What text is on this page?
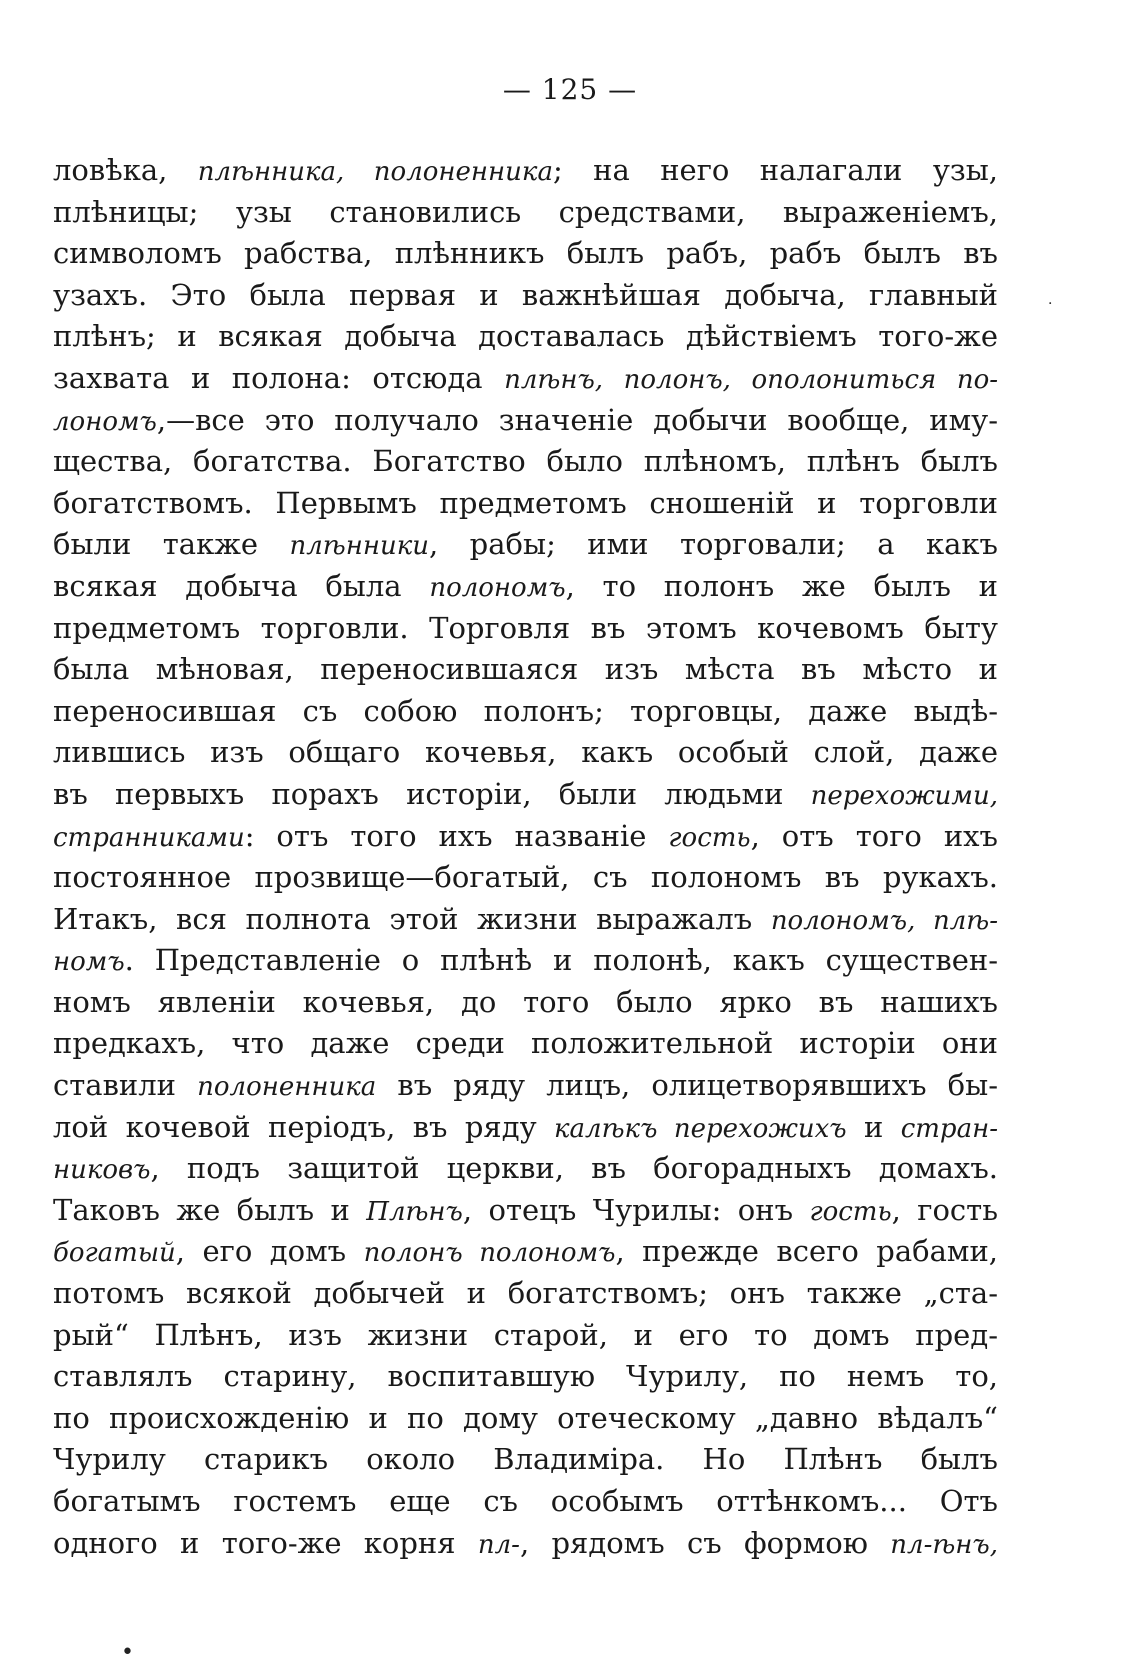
— 125 —
ловѣка, плѣнника, полоненника; на него налагали узы,
плѣницы; узы становились средствами, выраженіемъ,
символомъ рабства, плѣнникъ былъ рабъ, рабъ былъ въ
узахъ. Это была первая и важнѣйшая добыча, главный
плѣнъ; и всякая добыча доставалась дѣйствіемъ того-же
захвата и полона: отсюда плѣнъ, полонъ, ополониться по-
лономъ,—все это получало значеніе добычи вообще, иму-
щества, богатства. Богатство было плѣномъ, плѣнъ былъ
богатствомъ. Первымъ предметомъ сношеній и торговли
были также плѣнники, рабы; ими торговали; а какъ
всякая добыча была полономъ, то полонъ же былъ и
предметомъ торговли. Торговля въ этомъ кочевомъ быту
была мѣновая, переносившаяся изъ мѣста въ мѣсто и
переносившая съ собою полонъ; торговцы, даже выдѣ-
лившись изъ общаго кочевья, какъ особый слой, даже
въ первыхъ порахъ исторіи, были людьми перехожими,
странниками: отъ того ихъ названіе гость, отъ того ихъ
постоянное прозвище—богатый, съ полономъ въ рукахъ.
Итакъ, вся полнота этой жизни выражалъ полономъ, плѣ-
номъ. Представленіе о плѣнѣ и полонѣ, какъ существен-
номъ явленіи кочевья, до того было ярко въ нашихъ
предкахъ, что даже среди положительной исторіи они
ставили полоненника въ ряду лицъ, олицетворявшихъ бы-
лой кочевой періодъ, въ ряду калѣкъ перехожихъ и стран-
никовъ, подъ защитой церкви, въ богорадныхъ домахъ.
Таковъ же былъ и Плѣнъ, отецъ Чурилы: онъ гость, гость
богатый, его домъ полонъ полономъ, прежде всего рабами,
потомъ всякой добычей и богатствомъ; онъ также „ста-
рый“ Плѣнъ, изъ жизни старой, и его то домъ пред-
ставлялъ старину, воспитавшую Чурилу, по немъ то,
по происхожденію и по дому отеческому „давно вѣдалъ“
Чурилу старикъ около Владиміра. Но Плѣнъ былъ
богатымъ гостемъ еще съ особымъ оттѣнкомъ... Отъ
одного и того-же корня пл-, рядомъ съ формою пл-ѣнъ,
·
•
